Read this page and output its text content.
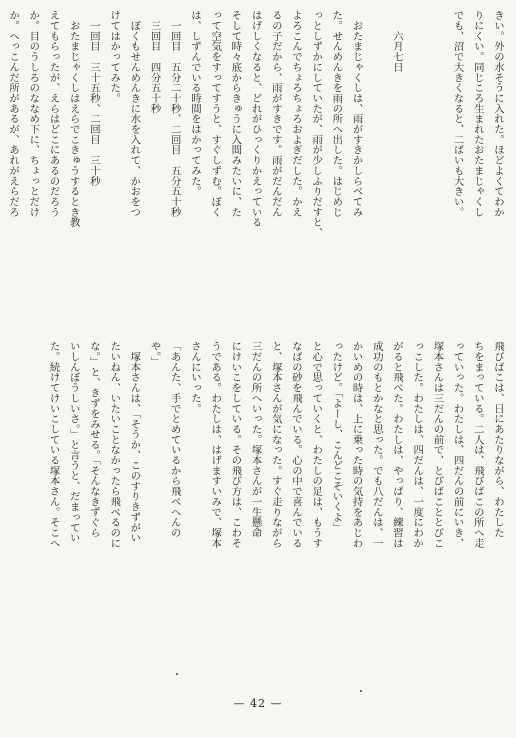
きい。外の水そうに入れた。ほどよくてわか
りにくい。同じころ生まれたおたまじゃくし
でも、沼で大きくなると、二ばいも大きい。

　　六月七日

　おたまじゃくしは、雨がすきかしらべてみ
た。せんめんきを雨の所へ出した。はじめじ
っとしずかにしていたが、雨が少しふりだすと、
よろこんでちょろちょろおよぎだした。かえ
るの子だから、雨がすきです。雨がだんだん
はげしくなると、どれがひっくりかえっている
そして時々底からきゅうに入間みたいに、た
って空気をすってすうと、すぐしずむ。ぼく
は、しずんでいる時間をはかってみた。
　一回目　五分二十秒、二回目　五分五十秒
　三回目　四分五十秒
　ぼくもせんめんきに水を入れて、かおをつ
けてはかってみた。
　一回目　三十五秒、二回目　三十秒
　おたまじゃくしはえらでこきゅうするとき教
えてもらったが、えらはどこにあるのだろう
か。目のうしろのななめ下に、ちょっとだけ
か。へっこんだ所があるが、あれがえらだろ

飛びばこは、日にあたりながら、わたした
ちをまっている。二人は、飛びばこの所へ走
っていった。わたしは、四だんの前にいき、
塚本さんは三だんの前で、とびばこととびこ
っこした。わたしは、四だんは、一度にわか
がると飛べた。わたしは、やっぱり、練習は
成功のもとかなと思った。でも八だんは、一
かいめの時は、上に乗った時の気持をあじわ
ったけど。「よーし、こんどこそいくよ」
と心で思っていくと、わたしの足は、もうす
なばの砂を飛んでいる。心の中で喜んでいる
と、塚本さんが気になった。すぐ走りながら
三だんの所へいった。塚本さんが一生懸命
にけいこをしている。その飛び方は、こわそ
うである。わたしは、はげますいみで、塚本
さんにいった。
「あんた、手でとめているから飛べへんの
や。」
　塚本さんは、「そうか、このすりきずがい
たいねん、いたいことなかったら飛べるのに
な。」と、きずをみせる。「そんなきずぐら
いしんぼうしいさ。」と言うと、だまってい
た。続けてけいこしている塚本さん。そこへ

— 42 —
